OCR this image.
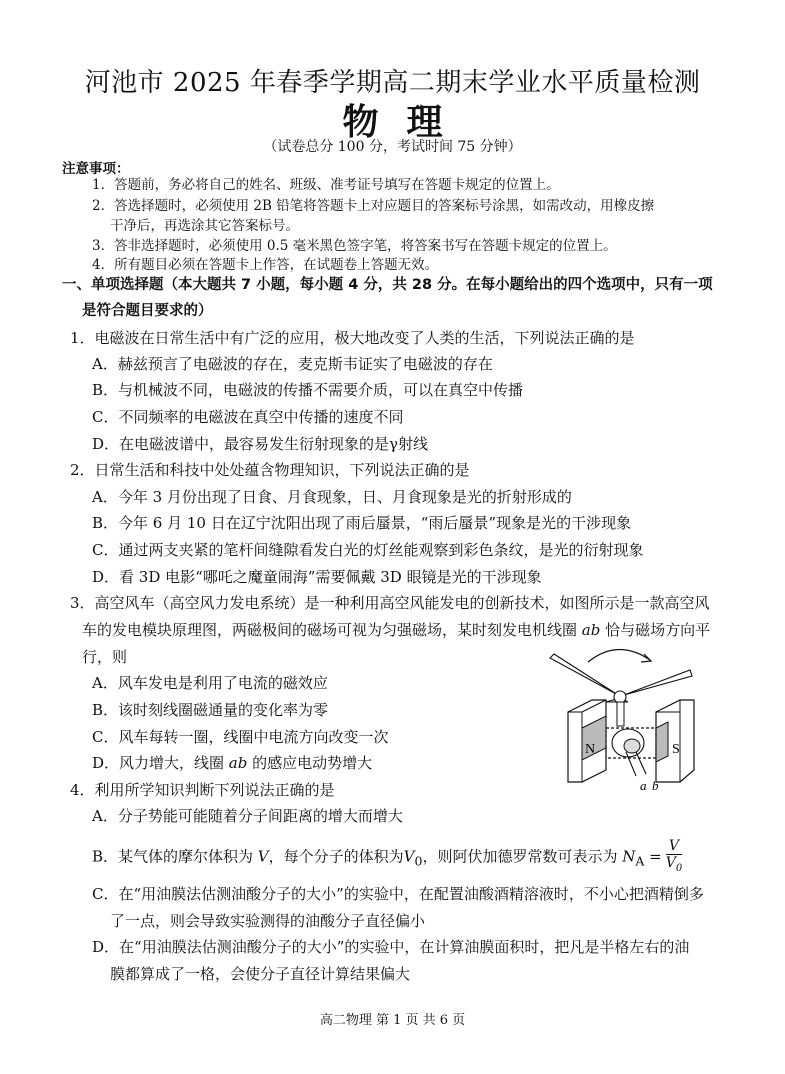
河池市 2025 年春季学期高二期末学业水平质量检测
物理
（试卷总分 100 分，考试时间 75 分钟）
注意事项：
1．答题前，务必将自己的姓名、班级、准考证号填写在答题卡规定的位置上。
2．答选择题时，必须使用 2B 铅笔将答题卡上对应题目的答案标号涂黑，如需改动，用橡皮擦
干净后，再选涂其它答案标号。
3．答非选择题时，必须使用 0.5 毫米黑色签字笔，将答案书写在答题卡规定的位置上。
4．所有题目必须在答题卡上作答，在试题卷上答题无效。
一、单项选择题（本大题共 7 小题，每小题 4 分，共 28 分。在每小题给出的四个选项中，只有一项
是符合题目要求的）
1．电磁波在日常生活中有广泛的应用，极大地改变了人类的生活，下列说法正确的是
A．赫兹预言了电磁波的存在，麦克斯韦证实了电磁波的存在
B．与机械波不同，电磁波的传播不需要介质，可以在真空中传播
C．不同频率的电磁波在真空中传播的速度不同
D．在电磁波谱中，最容易发生衍射现象的是γ射线
2．日常生活和科技中处处蕴含物理知识，下列说法正确的是
A．今年 3 月份出现了日食、月食现象，日、月食现象是光的折射形成的
B．今年 6 月 10 日在辽宁沈阳出现了雨后蜃景，“雨后蜃景”现象是光的干涉现象
C．通过两支夹紧的笔杆间缝隙看发白光的灯丝能观察到彩色条纹，是光的衍射现象
D．看 3D 电影“哪吒之魔童闹海”需要佩戴 3D 眼镜是光的干涉现象
3．高空风车（高空风力发电系统）是一种利用高空风能发电的创新技术，如图所示是一款高空风
车的发电模块原理图，两磁极间的磁场可视为匀强磁场，某时刻发电机线圈 ab 恰与磁场方向平
行，则
A．风车发电是利用了电流的磁效应
B．该时刻线圈磁通量的变化率为零
C．风车每转一圈，线圈中电流方向改变一次
D．风力增大，线圈 ab 的感应电动势增大
N	S
a b
4．利用所学知识判断下列说法正确的是
A．分子势能可能随着分子间距离的增大而增大
B．某气体的摩尔体积为 V，每个分子的体积为$V_0$，则阿伏加德罗常数可表示为 $N_A = \frac{V}{V_0}$
C．在“用油膜法估测油酸分子的大小”的实验中，在配置油酸酒精溶液时，不小心把酒精倒多
了一点，则会导致实验测得的油酸分子直径偏小
D．在“用油膜法估测油酸分子的大小”的实验中，在计算油膜面积时，把凡是半格左右的油
膜都算成了一格，会使分子直径计算结果偏大
高二物理 第 1 页 共 6 页
